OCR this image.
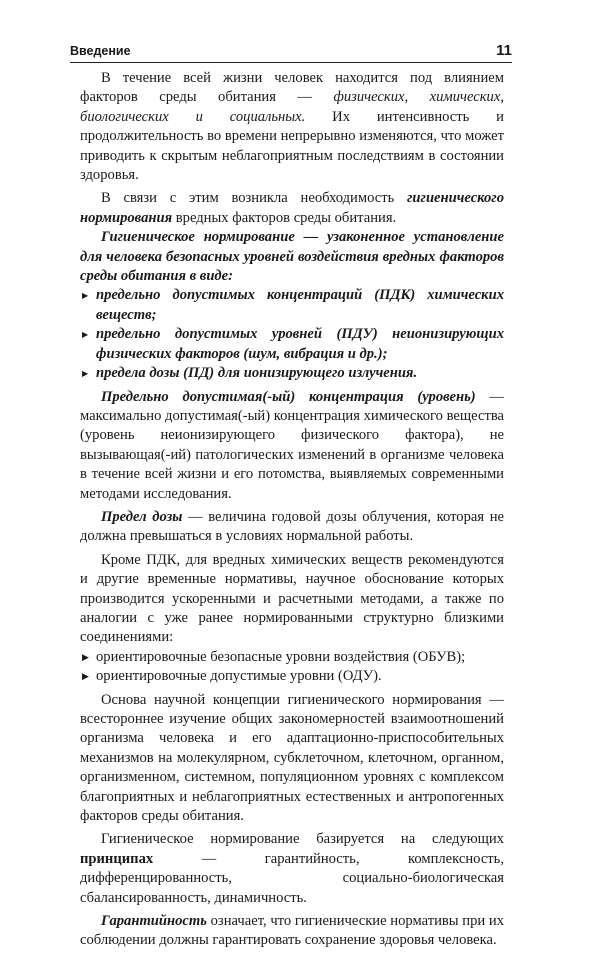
Введение	11

В течение всей жизни человек находится под влиянием факторов среды обитания — физических, химических, биологических и социальных. Их интенсивность и продолжительность во времени непрерывно изменяются, что может приводить к скрытым неблагоприятным последствиям в состоянии здоровья.

В связи с этим возникла необходимость гигиенического нормирования вредных факторов среды обитания.

Гигиеническое нормирование — узаконенное установление для человека безопасных уровней воздействия вредных факторов среды обитания в виде:

▶ предельно допустимых концентраций (ПДК) химических веществ;
▶ предельно допустимых уровней (ПДУ) неионизирующих физических факторов (шум, вибрация и др.);
▶ предела дозы (ПД) для ионизирующего излучения.

Предельно допустимая(-ый) концентрация (уровень) — максимально допустимая(-ый) концентрация химического вещества (уровень неионизирующего физического фактора), не вызывающая(-ий) патологических изменений в организме человека в течение всей жизни и его потомства, выявляемых современными методами исследования.

Предел дозы — величина годовой дозы облучения, которая не должна превышаться в условиях нормальной работы.

Кроме ПДК, для вредных химических веществ рекомендуются и другие временные нормативы, научное обоснование которых производится ускоренными и расчетными методами, а также по аналогии с уже ранее нормированными структурно близкими соединениями:

▶ ориентировочные безопасные уровни воздействия (ОБУВ);
▶ ориентировочные допустимые уровни (ОДУ).

Основа научной концепции гигиенического нормирования — всестороннее изучение общих закономерностей взаимоотношений организма человека и его адаптационно-приспособительных механизмов на молекулярном, субклеточном, клеточном, органном, организменном, системном, популяционном уровнях с комплексом благоприятных и неблагоприятных естественных и антропогенных факторов среды обитания.

Гигиеническое нормирование базируется на следующих принципах — гарантийность, комплексность, дифференцированность, социально-биологическая сбалансированность, динамичность.

Гарантийность означает, что гигиенические нормативы при их соблюдении должны гарантировать сохранение здоровья человека.
